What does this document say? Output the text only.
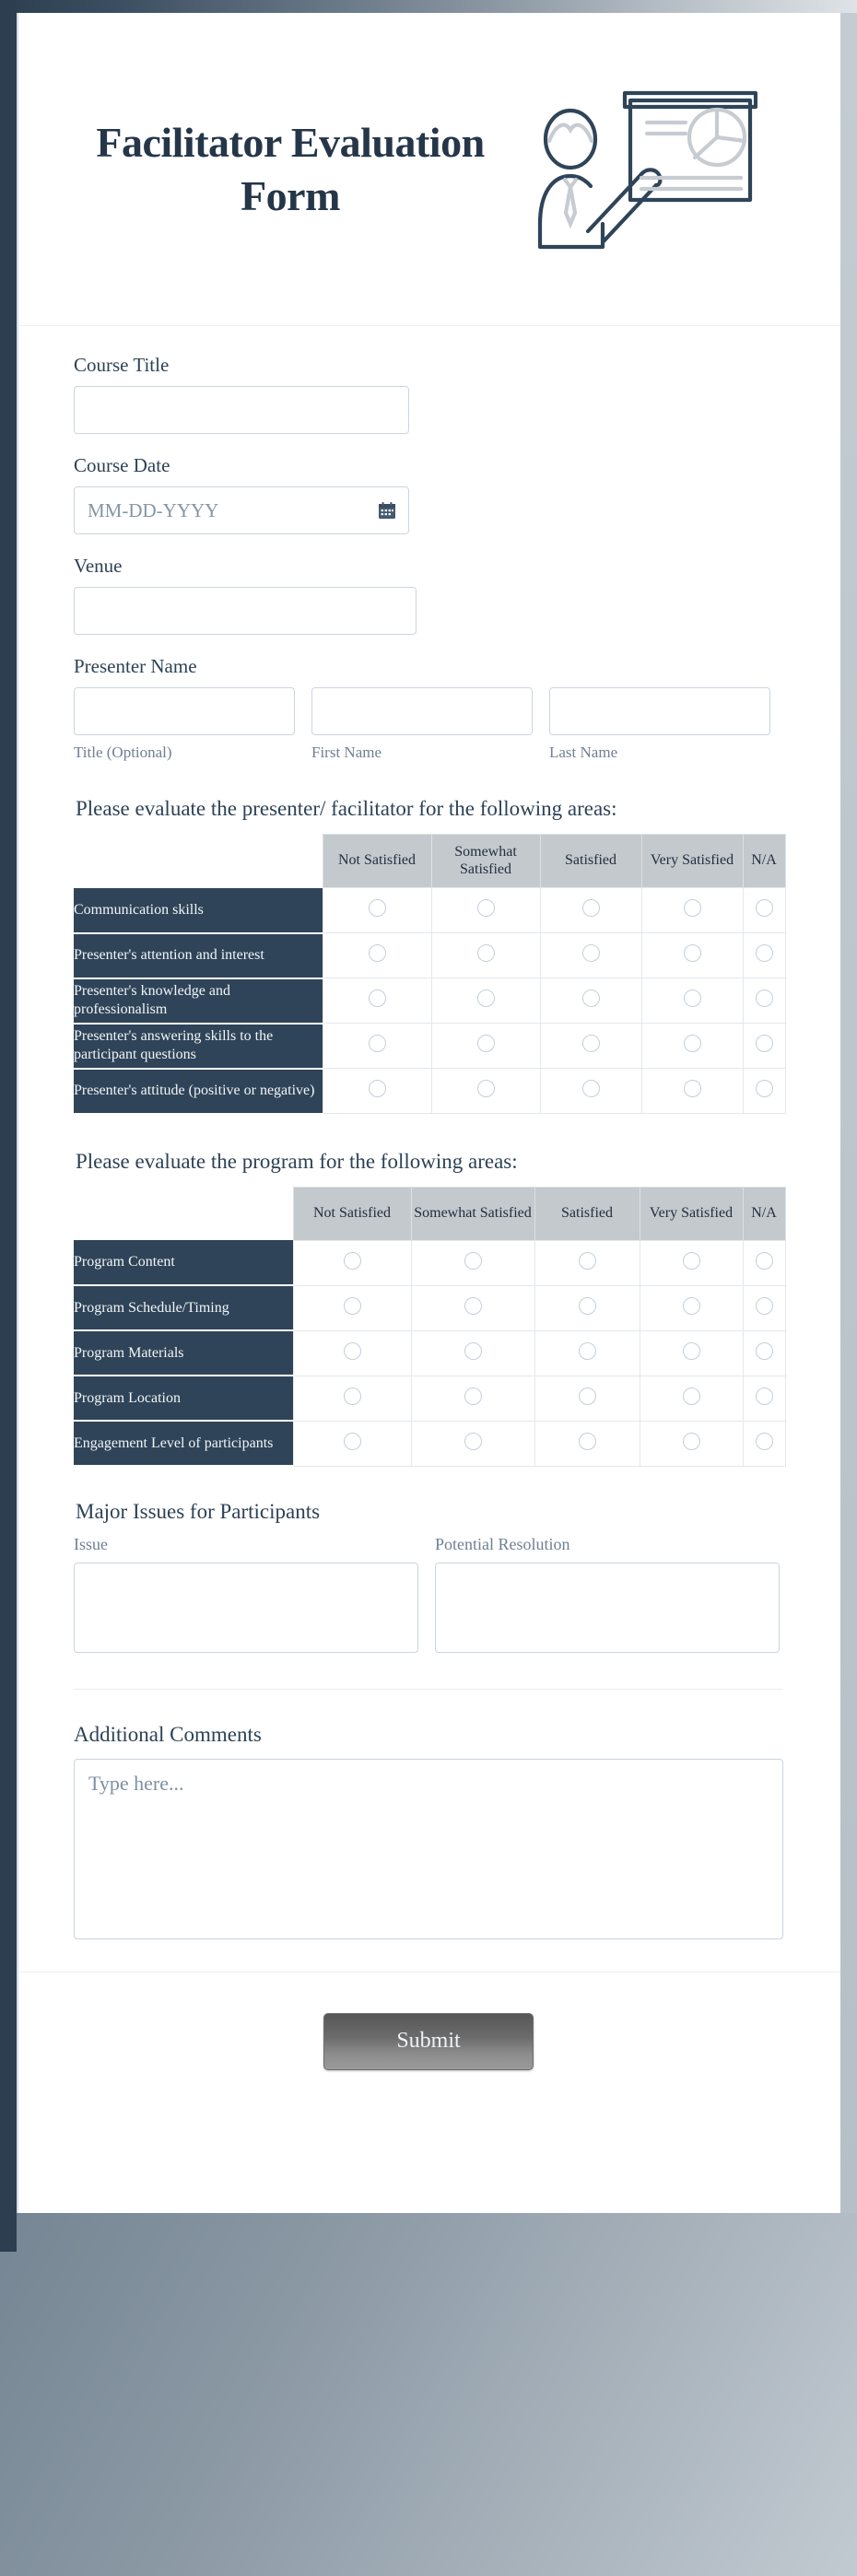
Facilitator Evaluation Form
Course Title
Course Date
MM-DD-YYYY
Venue
Presenter Name
Title (Optional)	First Name	Last Name
Please evaluate the presenter/ facilitator for the following areas:
	Not Satisfied	Somewhat Satisfied	Satisfied	Very Satisfied	N/A
Communication skills					
Presenter's attention and interest					
Presenter's knowledge and professionalism					
Presenter's answering skills to the participant questions					
Presenter's attitude (positive or negative)					
Please evaluate the program for the following areas:
	Not Satisfied	Somewhat Satisfied	Satisfied	Very Satisfied	N/A
Program Content					
Program Schedule/Timing					
Program Materials					
Program Location					
Engagement Level of participants					
Major Issues for Participants
Issue	Potential Resolution
Additional Comments
Type here...
Submit
